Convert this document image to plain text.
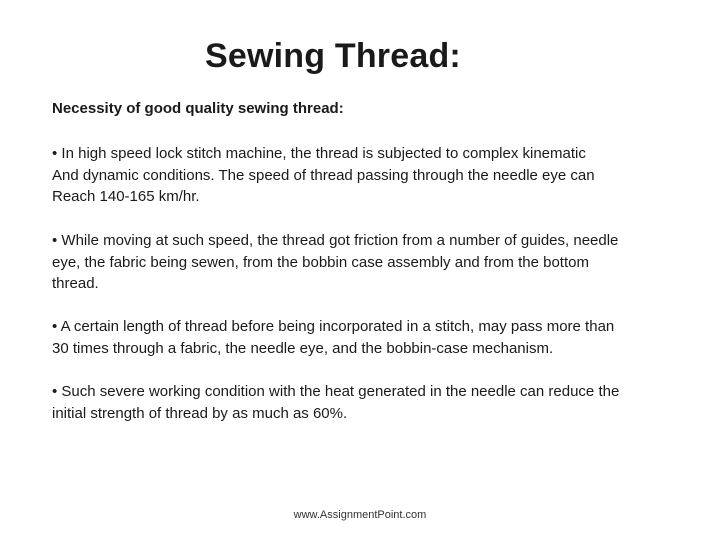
Sewing Thread:
Necessity of good quality sewing thread:
• In high speed lock stitch machine, the thread is subjected to complex kinematic
And dynamic conditions. The speed of thread passing through the needle eye can
Reach 140-165 km/hr.
• While moving at such speed, the thread got friction from a number of guides, needle
eye, the fabric being sewen, from the bobbin case assembly and from the bottom
thread.
• A certain length of thread before being incorporated in a stitch, may pass more than
30 times through a fabric, the needle eye, and the bobbin-case mechanism.
• Such severe working condition with the heat generated in the needle can reduce the
initial strength of thread by as much as 60%.
www.AssignmentPoint.com
